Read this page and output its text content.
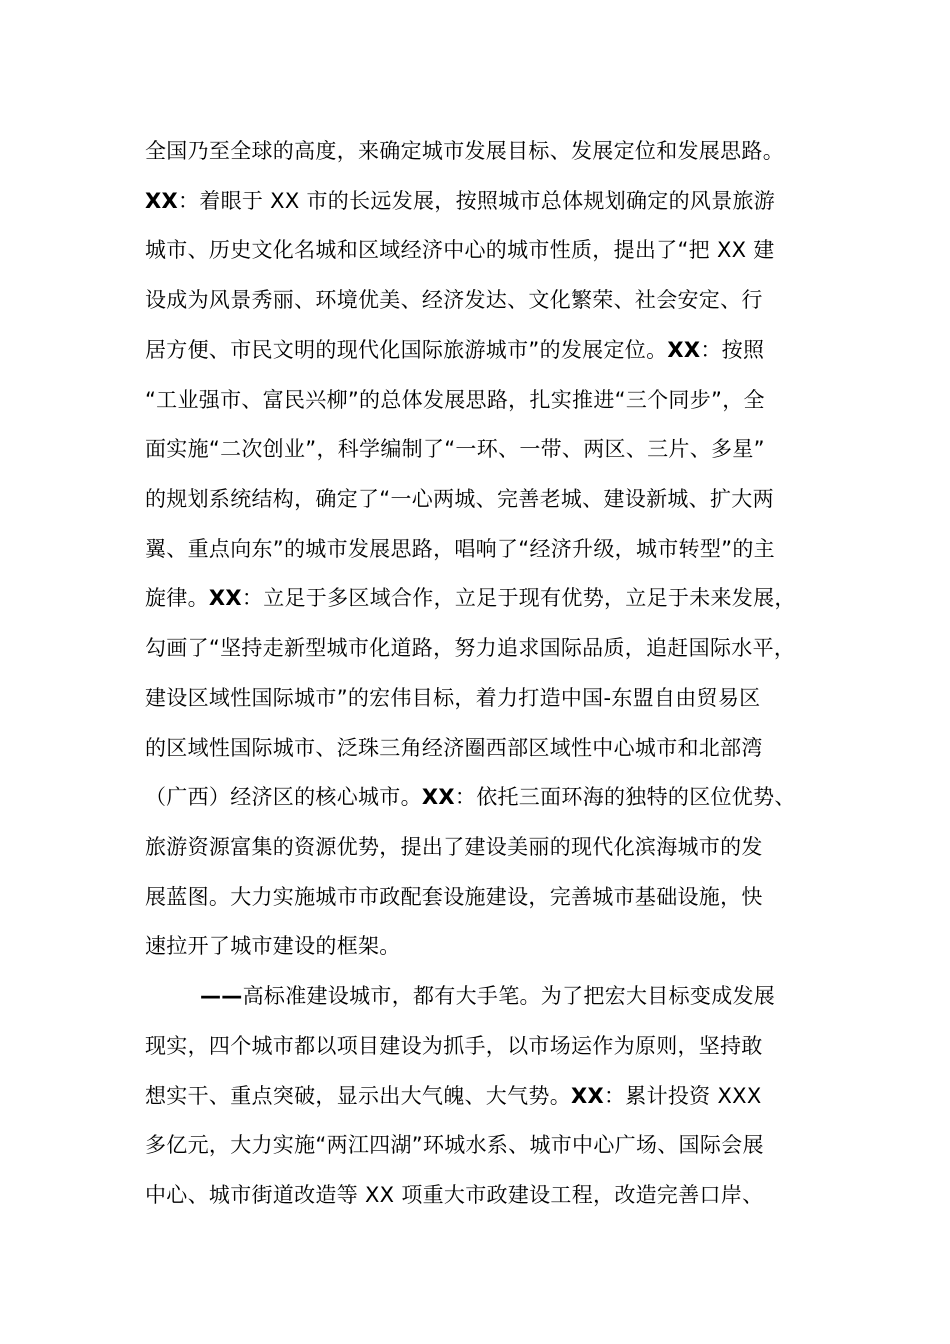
全国乃至全球的高度，来确定城市发展目标、发展定位和发展思路。
XX：着眼于 XX 市的长远发展，按照城市总体规划确定的风景旅游
城市、历史文化名城和区域经济中心的城市性质，提出了“把 XX 建
设成为风景秀丽、环境优美、经济发达、文化繁荣、社会安定、行
居方便、市民文明的现代化国际旅游城市”的发展定位。XX：按照
“工业强市、富民兴柳”的总体发展思路，扎实推进“三个同步”，全
面实施“二次创业”，科学编制了“一环、一带、两区、三片、多星”
的规划系统结构，确定了“一心两城、完善老城、建设新城、扩大两
翼、重点向东”的城市发展思路，唱响了“经济升级，城市转型”的主
旋律。XX：立足于多区域合作，立足于现有优势，立足于未来发展，
勾画了“坚持走新型城市化道路，努力追求国际品质，追赶国际水平，
建设区域性国际城市”的宏伟目标，着力打造中国-东盟自由贸易区
的区域性国际城市、泛珠三角经济圈西部区域性中心城市和北部湾
（广西）经济区的核心城市。XX：依托三面环海的独特的区位优势、
旅游资源富集的资源优势，提出了建设美丽的现代化滨海城市的发
展蓝图。大力实施城市市政配套设施建设，完善城市基础设施，快
速拉开了城市建设的框架。
——高标准建设城市，都有大手笔。为了把宏大目标变成发展
现实，四个城市都以项目建设为抓手，以市场运作为原则，坚持敢
想实干、重点突破，显示出大气魄、大气势。XX：累计投资 XXX
多亿元，大力实施“两江四湖”环城水系、城市中心广场、国际会展
中心、城市街道改造等 XX 项重大市政建设工程，改造完善口岸、
